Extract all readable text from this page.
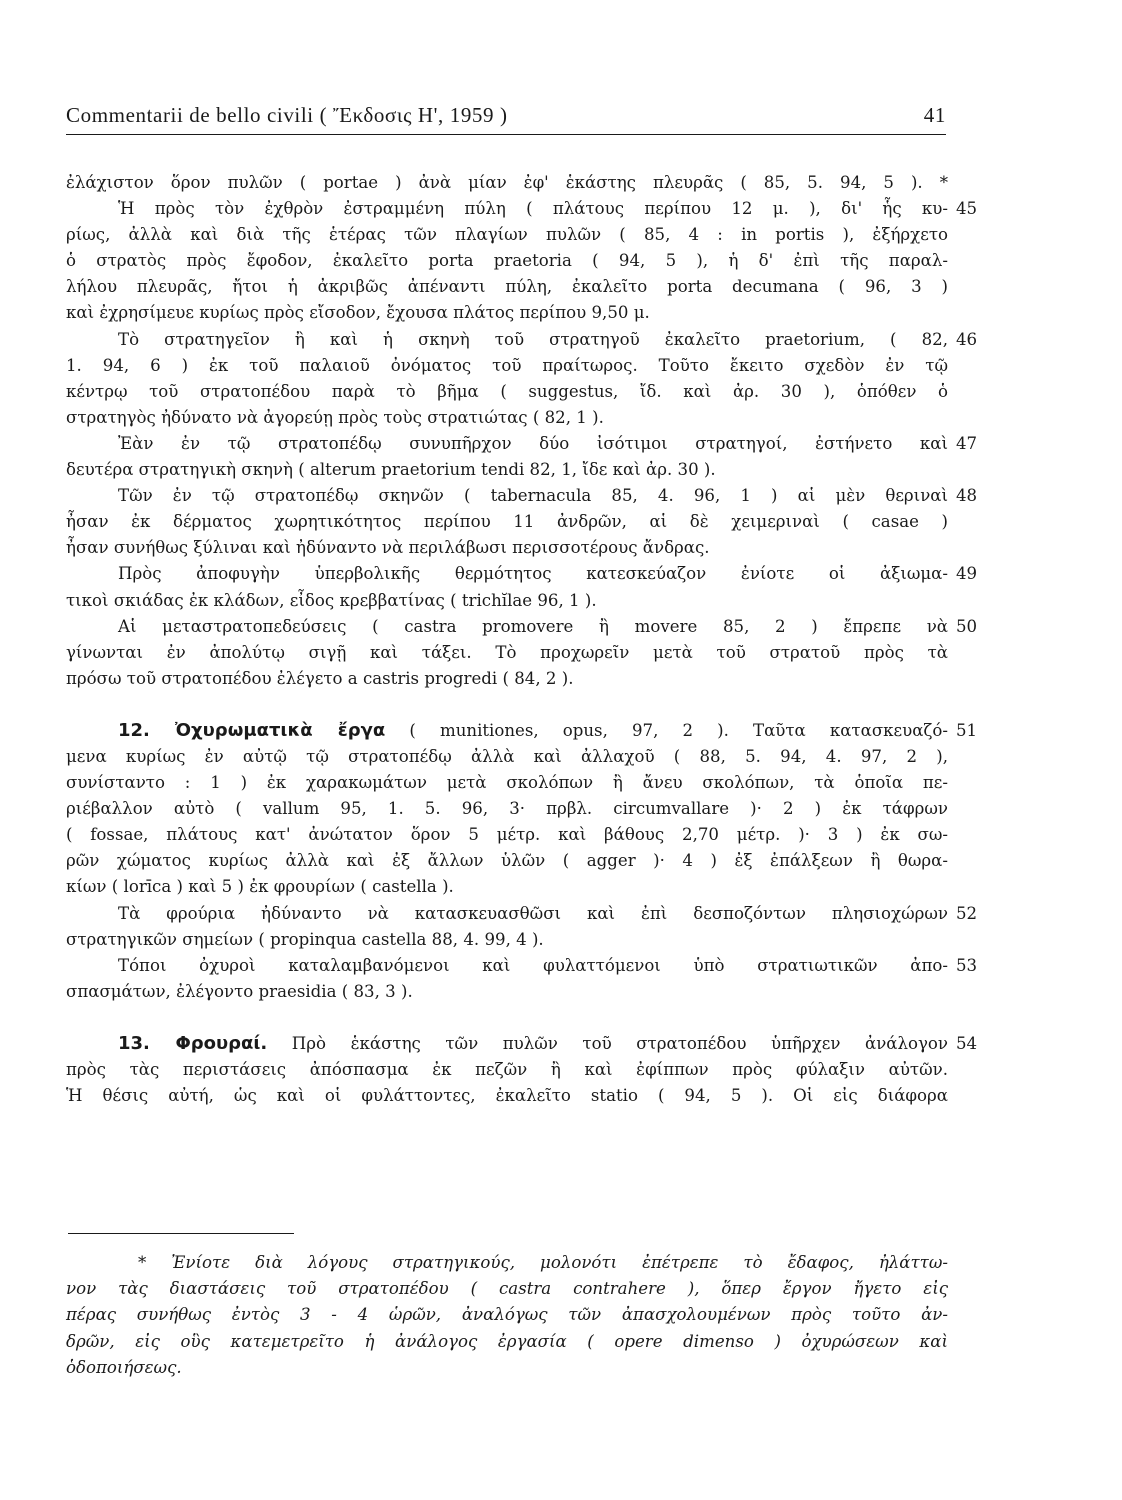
Commentarii de bello civili ( Ἔκδοσις Η', 1959 )	41
ἐλάχιστον ὅρον πυλῶν ( portae ) ἀνὰ μίαν ἐφ' ἑκάστης πλευρᾶς ( 85, 5. 94, 5 ). *
Ἡ πρὸς τὸν ἐχθρὸν ἐστραμμένη πύλη ( πλάτους περίπου 12 μ. ), δι' ἧς κυ- 45
ρίως, ἀλλὰ καὶ διὰ τῆς ἑτέρας τῶν πλαγίων πυλῶν ( 85, 4 : in portis ), ἐξήρχετο
ὁ στρατὸς πρὸς ἔφοδον, ἐκαλεῖτο porta praetoria ( 94, 5 ), ἡ δ' ἐπὶ τῆς παραλ-
λήλου πλευρᾶς, ἤτοι ἡ ἀκριβῶς ἀπέναντι πύλη, ἐκαλεῖτο porta decumana ( 96, 3 )
καὶ ἐχρησίμευε κυρίως πρὸς εἴσοδον, ἔχουσα πλάτος περίπου 9,50 μ.
Τὸ στρατηγεῖον ἢ καὶ ἡ σκηνὴ τοῦ στρατηγοῦ ἐκαλεῖτο praetorium, ( 82, 46
1. 94, 6 ) ἐκ τοῦ παλαιοῦ ὀνόματος τοῦ πραίτωρος. Τοῦτο ἔκειτο σχεδὸν ἐν τῷ
κέντρῳ τοῦ στρατοπέδου παρὰ τὸ βῆμα ( suggestus, ἴδ. καὶ ἀρ. 30 ), ὁπόθεν ὁ
στρατηγὸς ἠδύνατο νὰ ἀγορεύῃ πρὸς τοὺς στρατιώτας ( 82, 1 ).
Ἐὰν ἐν τῷ στρατοπέδῳ συνυπῆρχον δύο ἰσότιμοι στρατηγοί, ἐστήνετο καὶ 47
δευτέρα στρατηγικὴ σκηνὴ ( alterum praetorium tendi 82, 1, ἴδε καὶ ἀρ. 30 ).
Τῶν ἐν τῷ στρατοπέδῳ σκηνῶν ( tabernacula 85, 4. 96, 1 ) αἱ μὲν θεριναὶ 48
ἦσαν ἐκ δέρματος χωρητικότητος περίπου 11 ἀνδρῶν, αἱ δὲ χειμεριναὶ ( casae )
ἦσαν συνήθως ξύλιναι καὶ ἠδύναντο νὰ περιλάβωσι περισσοτέρους ἄνδρας.
Πρὸς ἀποφυγὴν ὑπερβολικῆς θερμότητος κατεσκεύαζον ἐνίοτε οἱ ἀξιωμα- 49
τικοὶ σκιάδας ἐκ κλάδων, εἶδος κρεββατίνας ( trichĭlae 96, 1 ).
Αἱ μεταστρατοπεδεύσεις ( castra promovere ἢ movere 85, 2 ) ἔπρεπε νὰ 50
γίνωνται ἐν ἀπολύτῳ σιγῇ καὶ τάξει. Τὸ προχωρεῖν μετὰ τοῦ στρατοῦ πρὸς τὰ
πρόσω τοῦ στρατοπέδου ἐλέγετο a castris progredi ( 84, 2 ).
12. Ὀχυρωματικὰ ἔργα ( munitiones, opus, 97, 2 ). Ταῦτα κατασκευαζό- 51
μενα κυρίως ἐν αὐτῷ τῷ στρατοπέδῳ ἀλλὰ καὶ ἀλλαχοῦ ( 88, 5. 94, 4. 97, 2 ),
συνίσταντο : 1 ) ἐκ χαρακωμάτων μετὰ σκολόπων ἢ ἄνευ σκολόπων, τὰ ὁποῖα πε-
ριέβαλλον αὐτὸ ( vallum 95, 1. 5. 96, 3· πρβλ. circumvallare )· 2 ) ἐκ τάφρων
( fossae, πλάτους κατ' ἀνώτατον ὅρον 5 μέτρ. καὶ βάθους 2,70 μέτρ. )· 3 ) ἐκ σω-
ρῶν χώματος κυρίως ἀλλὰ καὶ ἐξ ἄλλων ὑλῶν ( agger )· 4 ) ἐξ ἐπάλξεων ἢ θωρα-
κίων ( lorīca ) καὶ 5 ) ἐκ φρουρίων ( castella ).
Τὰ φρούρια ἠδύναντο νὰ κατασκευασθῶσι καὶ ἐπὶ δεσποζόντων πλησιοχώρων 52
στρατηγικῶν σημείων ( propinqua castella 88, 4. 99, 4 ).
Τόποι ὀχυροὶ καταλαμβανόμενοι καὶ φυλαττόμενοι ὑπὸ στρατιωτικῶν ἀπο- 53
σπασμάτων, ἐλέγοντο praesidia ( 83, 3 ).
13. Φρουραί. Πρὸ ἑκάστης τῶν πυλῶν τοῦ στρατοπέδου ὑπῆρχεν ἀνάλογον 54
πρὸς τὰς περιστάσεις ἀπόσπασμα ἐκ πεζῶν ἢ καὶ ἐφίππων πρὸς φύλαξιν αὐτῶν.
Ἡ θέσις αὐτή, ὡς καὶ οἱ φυλάττοντες, ἐκαλεῖτο statio ( 94, 5 ). Οἱ εἰς διάφορα
* Ἐνίοτε διὰ λόγους στρατηγικούς, μολονότι ἐπέτρεπε τὸ ἔδαφος, ἠλάττω-
νον τὰς διαστάσεις τοῦ στρατοπέδου ( castra contrahere ), ὅπερ ἔργον ἤγετο εἰς
πέρας συνήθως ἐντὸς 3 - 4 ὡρῶν, ἀναλόγως τῶν ἀπασχολουμένων πρὸς τοῦτο ἀν-
δρῶν, εἰς οὓς κατεμετρεῖτο ἡ ἀνάλογος ἐργασία ( opere dimenso ) ὀχυρώσεων καὶ
ὁδοποιήσεως.
